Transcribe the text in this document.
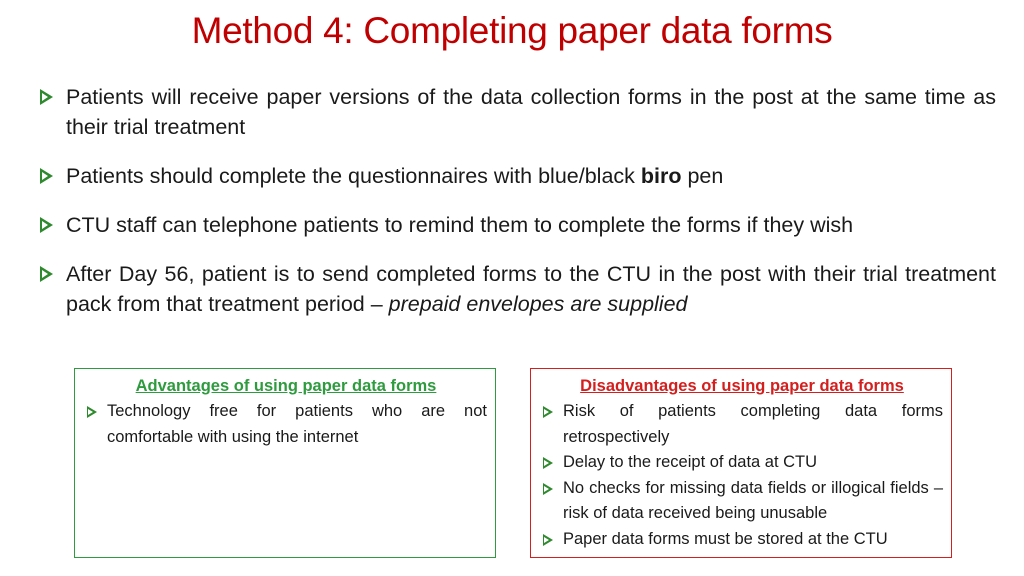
Method 4: Completing paper data forms
Patients will receive paper versions of the data collection forms in the post at the same time as their trial treatment
Patients should complete the questionnaires with blue/black biro pen
CTU staff can telephone patients to remind them to complete the forms if they wish
After Day 56, patient is to send completed forms to the CTU in the post with their trial treatment pack from that treatment period – prepaid envelopes are supplied
Advantages of using paper data forms
Technology free for patients who are not comfortable with using the internet
Disadvantages of using paper data forms
Risk of patients completing data forms retrospectively
Delay to the receipt of data at CTU
No checks for missing data fields or illogical fields – risk of data received being unusable
Paper data forms must be stored at the CTU
